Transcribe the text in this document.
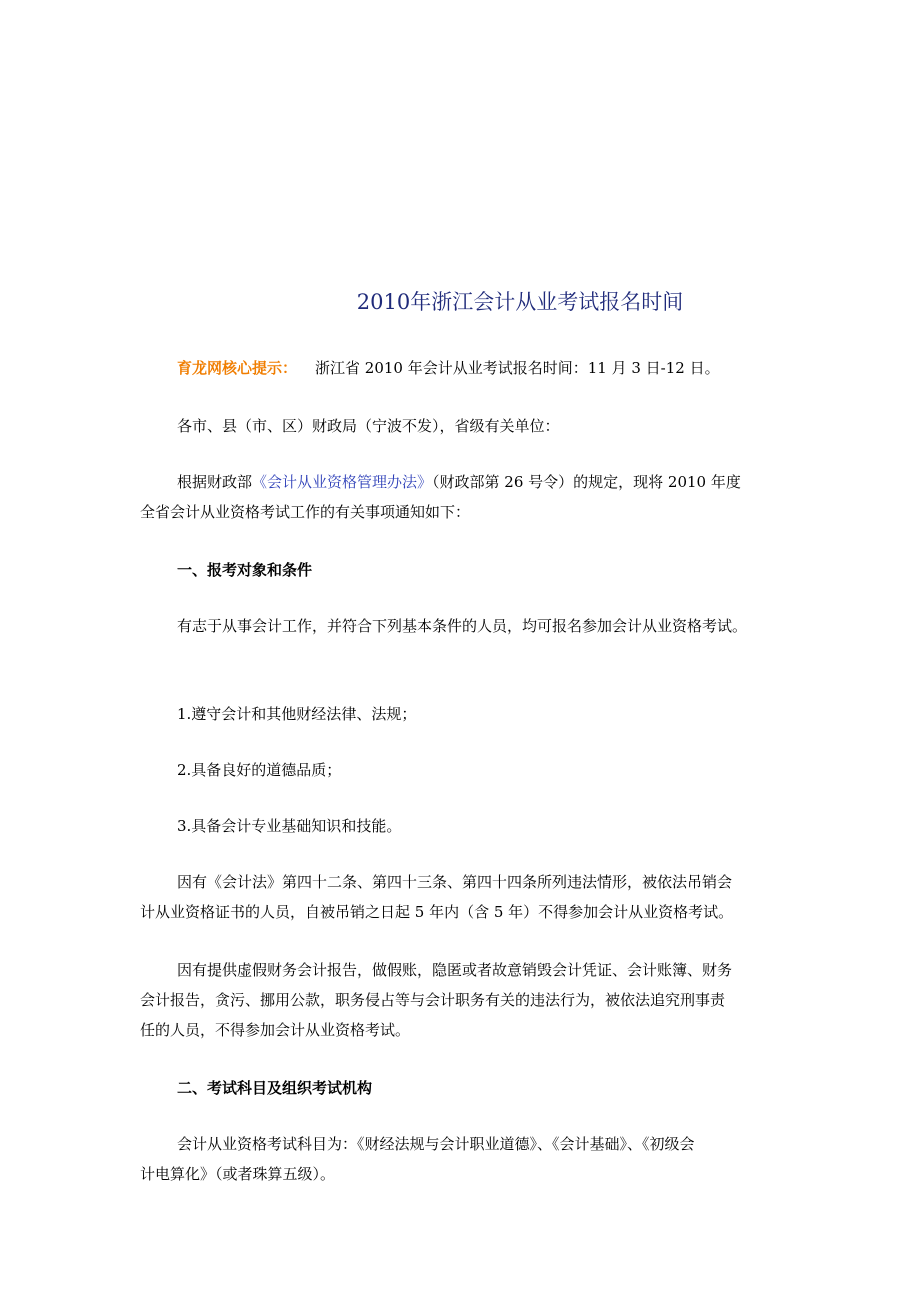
2010年浙江会计从业考试报名时间
育龙网核心提示： 浙江省 2010 年会计从业考试报名时间：11 月 3 日-12 日。
各市、县（市、区）财政局（宁波不发），省级有关单位：
根据财政部《会计从业资格管理办法》（财政部第 26 号令）的规定，现将 2010 年度
全省会计从业资格考试工作的有关事项通知如下：
一、报考对象和条件
有志于从事会计工作，并符合下列基本条件的人员，均可报名参加会计从业资格考试。
1.遵守会计和其他财经法律、法规；
2.具备良好的道德品质；
3.具备会计专业基础知识和技能。
因有《会计法》第四十二条、第四十三条、第四十四条所列违法情形，被依法吊销会
计从业资格证书的人员，自被吊销之日起 5 年内（含 5 年）不得参加会计从业资格考试。
因有提供虚假财务会计报告，做假账，隐匿或者故意销毁会计凭证、会计账簿、财务
会计报告，贪污、挪用公款，职务侵占等与会计职务有关的违法行为，被依法追究刑事责
任的人员，不得参加会计从业资格考试。
二、考试科目及组织考试机构
会计从业资格考试科目为：《财经法规与会计职业道德》、《会计基础》、《初级会
计电算化》（或者珠算五级）。
